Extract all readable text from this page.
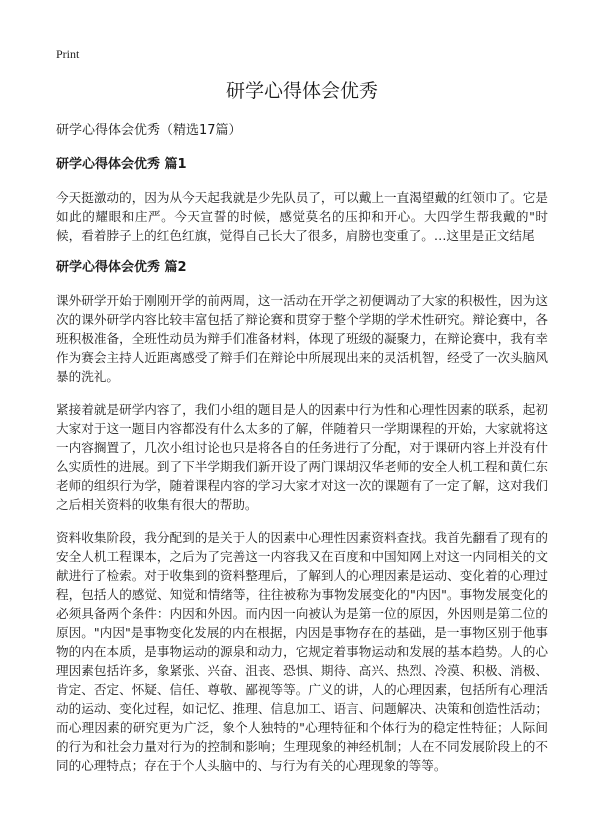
Print
研学心得体会优秀

研学心得体会优秀（精选17篇）

研学心得体会优秀 篇1

今天挺激动的，因为从今天起我就是少先队员了，可以戴上一直渴望戴的红领巾了。它是如此的耀眼和庄严。今天宣誓的时候，感觉莫名的压抑和开心。大四学生帮我戴的"时候，看着脖子上的红色红旗，觉得自己长大了很多，肩膀也变重了。…这里是正文结尾

研学心得体会优秀 篇2

课外研学开始于刚刚开学的前两周，这一活动在开学之初便调动了大家的积极性，因为这次的课外研学内容比较丰富包括了辩论赛和贯穿于整个学期的学术性研究。辩论赛中，各班积极准备，全班性动员为辩手们准备材料，体现了班级的凝聚力，在辩论赛中，我有幸作为赛会主持人近距离感受了辩手们在辩论中所展现出来的灵活机智，经受了一次头脑风暴的洗礼。

紧接着就是研学内容了，我们小组的题目是人的因素中行为性和心理性因素的联系，起初大家对于这一题目内容都没有什么太多的了解，伴随着只一学期课程的开始，大家就将这一内容搁置了，几次小组讨论也只是将各自的任务进行了分配，对于课研内容上并没有什么实质性的进展。到了下半学期我们新开设了两门课胡汉华老师的安全人机工程和黄仁东老师的组织行为学，随着课程内容的学习大家才对这一次的课题有了一定了解，这对我们之后相关资料的收集有很大的帮助。

资料收集阶段，我分配到的是关于人的因素中心理性因素资料查找。我首先翻看了现有的安全人机工程课本，之后为了完善这一内容我又在百度和中国知网上对这一内同相关的文献进行了检索。对于收集到的资料整理后，了解到人的心理因素是运动、变化着的心理过程，包括人的感觉、知觉和情绪等，往往被称为事物发展变化的"内因"。事物发展变化的必须具备两个条件：内因和外因。而内因一向被认为是第一位的原因，外因则是第二位的原因。"内因"是事物变化发展的内在根据，内因是事物存在的基础，是一事物区别于他事物的内在本质，是事物运动的源泉和动力，它规定着事物运动和发展的基本趋势。人的心理因素包括许多，象紧张、兴奋、沮丧、恐惧、期待、高兴、热烈、冷漠、积极、消极、肯定、否定、怀疑、信任、尊敬、鄙视等等。广义的讲，人的心理因素，包括所有心理活动的运动、变化过程，如记忆、推理、信息加工、语言、问题解决、决策和创造性活动；而心理因素的研究更为广泛，象个人独特的"心理特征和个体行为的稳定性特征；人际间的行为和社会力量对行为的控制和影响；生理现象的神经机制；人在不同发展阶段上的不同的心理特点；存在于个人头脑中的、与行为有关的心理现象的等等。
